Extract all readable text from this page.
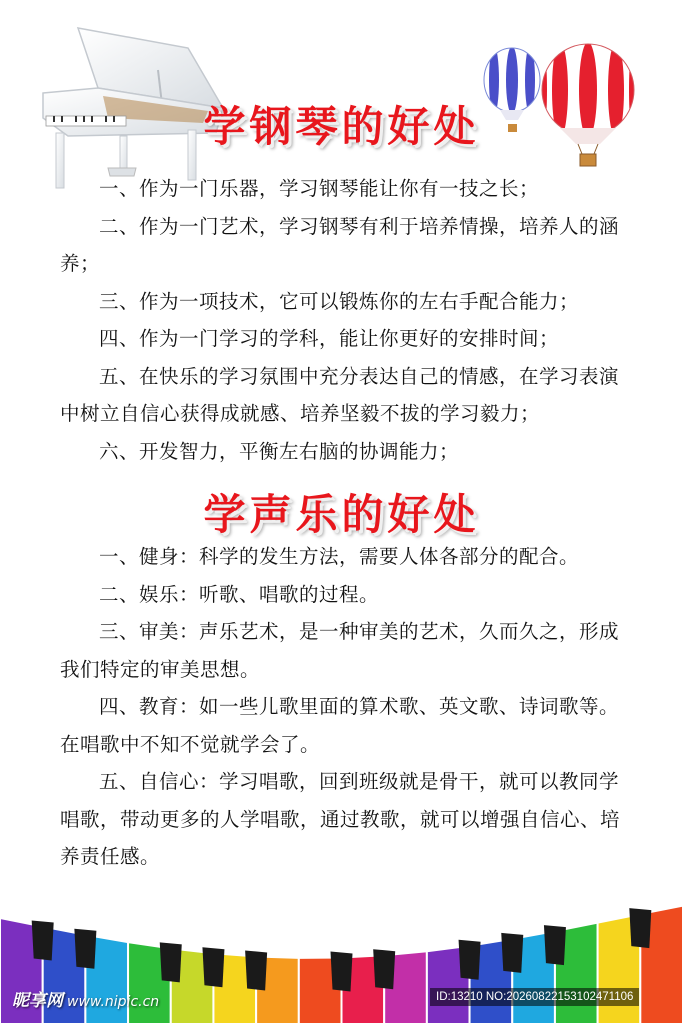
学钢琴的好处

一、作为一门乐器，学习钢琴能让你有一技之长；

二、作为一门艺术，学习钢琴有利于培养情操，培养人的涵养；

三、作为一项技术，它可以锻炼你的左右手配合能力；

四、作为一门学习的学科，能让你更好的安排时间；

五、在快乐的学习氛围中充分表达自己的情感，在学习表演中树立自信心获得成就感、培养坚毅不拔的学习毅力；

六、开发智力，平衡左右脑的协调能力；

学声乐的好处

一、健身：科学的发生方法，需要人体各部分的配合。

二、娱乐：听歌、唱歌的过程。

三、审美：声乐艺术，是一种审美的艺术，久而久之，形成我们特定的审美思想。

四、教育：如一些儿歌里面的算术歌、英文歌、诗词歌等。在唱歌中不知不觉就学会了。

五、自信心：学习唱歌，回到班级就是骨干，就可以教同学唱歌，带动更多的人学唱歌，通过教歌，就可以增强自信心、培养责任感。

昵享网 www.nipic.cn	ID:13210 NO:20260822153102471106
